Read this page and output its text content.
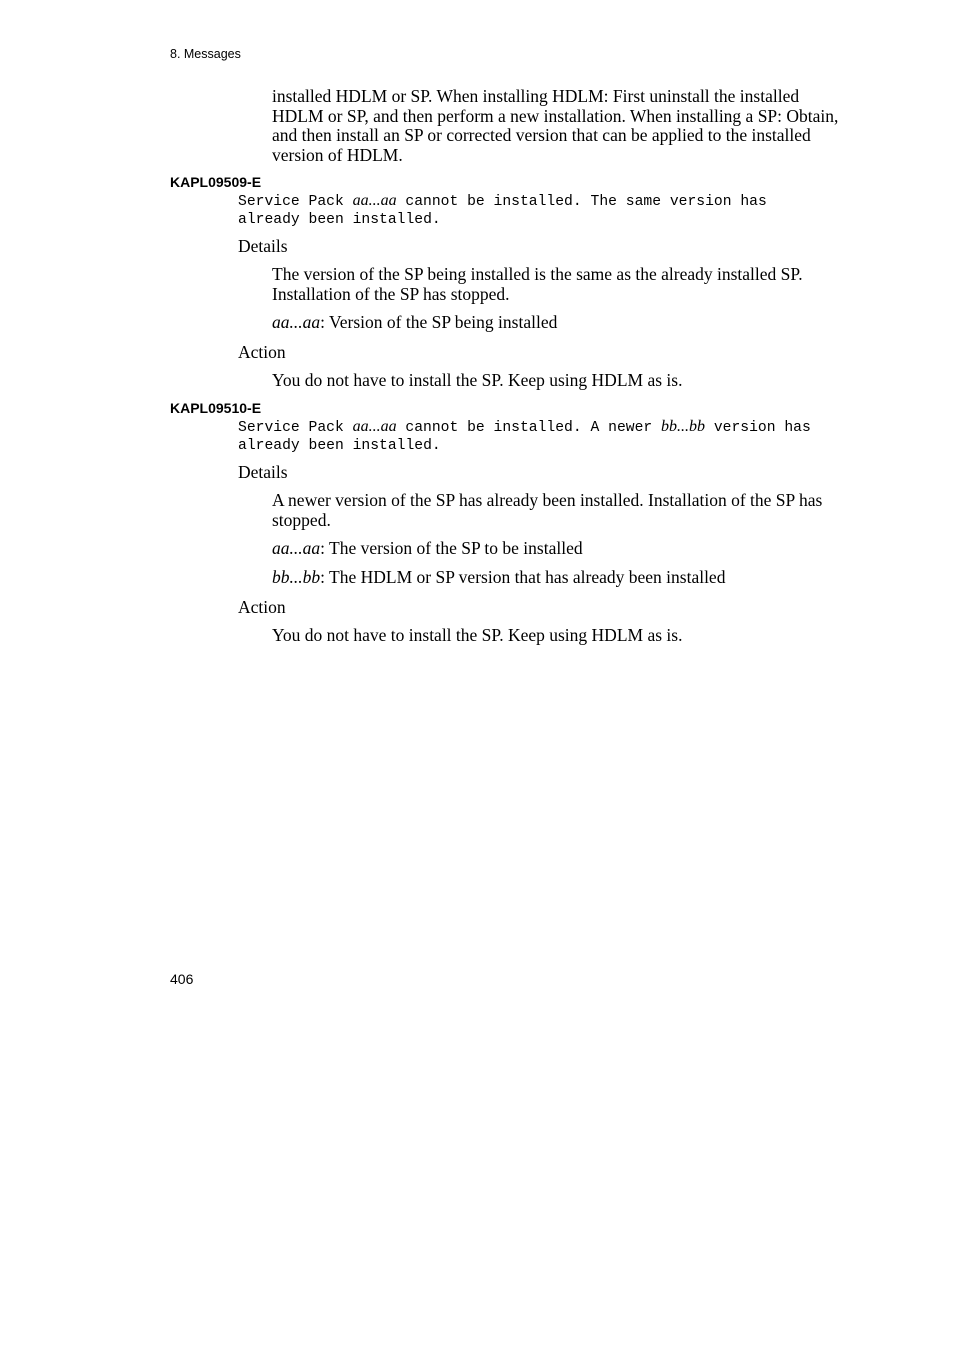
8. Messages
installed HDLM or SP. When installing HDLM: First uninstall the installed HDLM or SP, and then perform a new installation. When installing a SP: Obtain, and then install an SP or corrected version that can be applied to the installed version of HDLM.
KAPL09509-E
Service Pack aa...aa cannot be installed. The same version has
already been installed.
Details
The version of the SP being installed is the same as the already installed SP. Installation of the SP has stopped.
aa...aa: Version of the SP being installed
Action
You do not have to install the SP. Keep using HDLM as is.
KAPL09510-E
Service Pack aa...aa cannot be installed. A newer bb...bb version has
already been installed.
Details
A newer version of the SP has already been installed. Installation of the SP has stopped.
aa...aa: The version of the SP to be installed
bb...bb: The HDLM or SP version that has already been installed
Action
You do not have to install the SP. Keep using HDLM as is.
406
